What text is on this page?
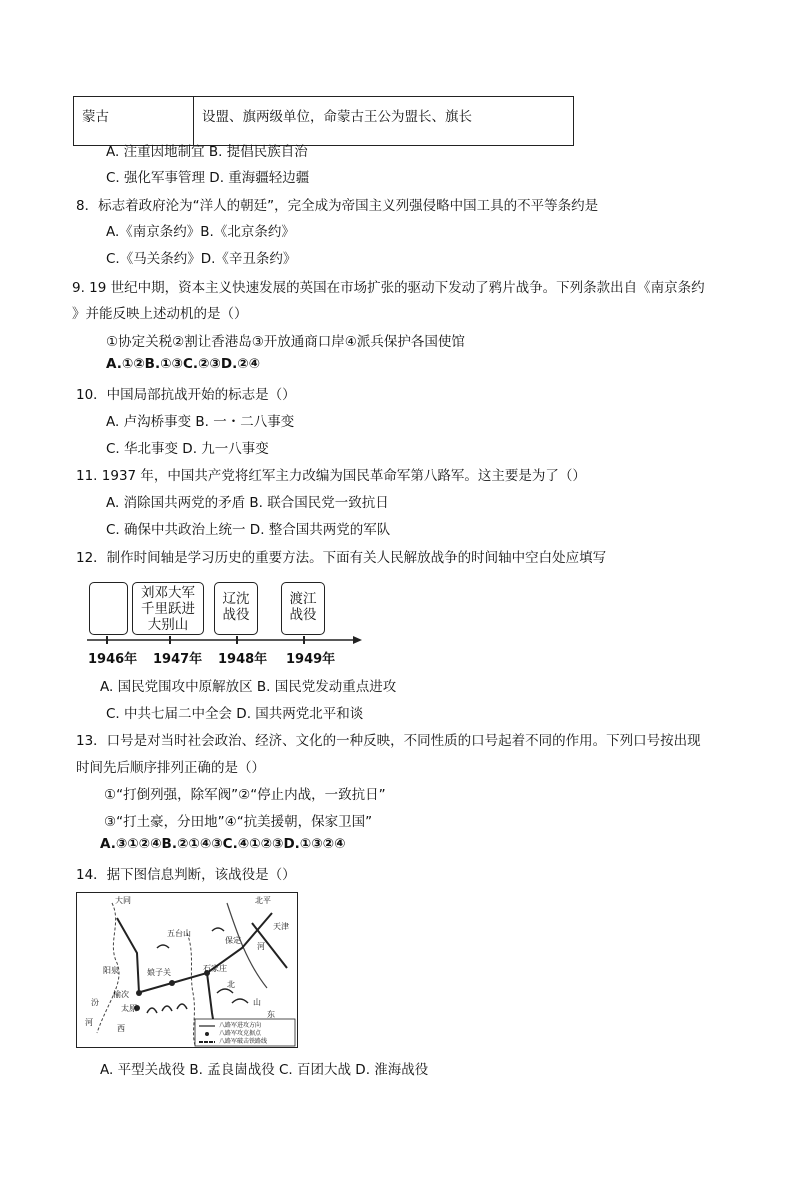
蒙古	设盟、旗两级单位，命蒙古王公为盟长、旗长
A. 注重因地制宜 B. 提倡民族自治
C. 强化军事管理 D. 重海疆轻边疆
8．标志着政府沦为“洋人的朝廷”，完全成为帝国主义列强侵略中国工具的不平等条约是
A.《南京条约》B.《北京条约》
C.《马关条约》D.《辛丑条约》
9. 19 世纪中期，资本主义快速发展的英国在市场扩张的驱动下发动了鸦片战争。下列条款出自《南京条约
》并能反映上述动机的是（）
①协定关税②割让香港岛③开放通商口岸④派兵保护各国使馆
A.①②B.①③C.②③D.②④
10．中国局部抗战开始的标志是（）
A. 卢沟桥事变 B. 一・二八事变
C. 华北事变 D. 九一八事变
11. 1937 年，中国共产党将红军主力改编为国民革命军第八路军。这主要是为了（）
A. 消除国共两党的矛盾 B. 联合国民党一致抗日
C. 确保中共政治上统一 D. 整合国共两党的军队
12．制作时间轴是学习历史的重要方法。下面有关人民解放战争的时间轴中空白处应填写
刘邓大军
千里跃进
大别山
辽沈
战役
渡江
战役
1946年 1947年 1948年 1949年
A. 国民党围攻中原解放区 B. 国民党发动重点进攻
C. 中共七届二中全会 D. 国共两党北平和谈
13．口号是对当时社会政治、经济、文化的一种反映，不同性质的口号起着不同的作用。下列口号按出现
时间先后顺序排列正确的是（）
①“打倒列强，除军阀”②“停止内战，一致抗日”
③“打土豪，分田地”④“抗美援朝，保家卫国”
A.③①②④B.②①④③C.④①②③D.①③②④
14．据下图信息判断，该战役是（）
大同	北平
天津
五台山
保定
石家庄
阳泉
榆次
娘子关
太原
河
北
山
东
西
汾
河	八路军进攻方向
八路军攻克据点
八路军破击铁路线
A. 平型关战役 B. 孟良崮战役 C. 百团大战 D. 淮海战役
